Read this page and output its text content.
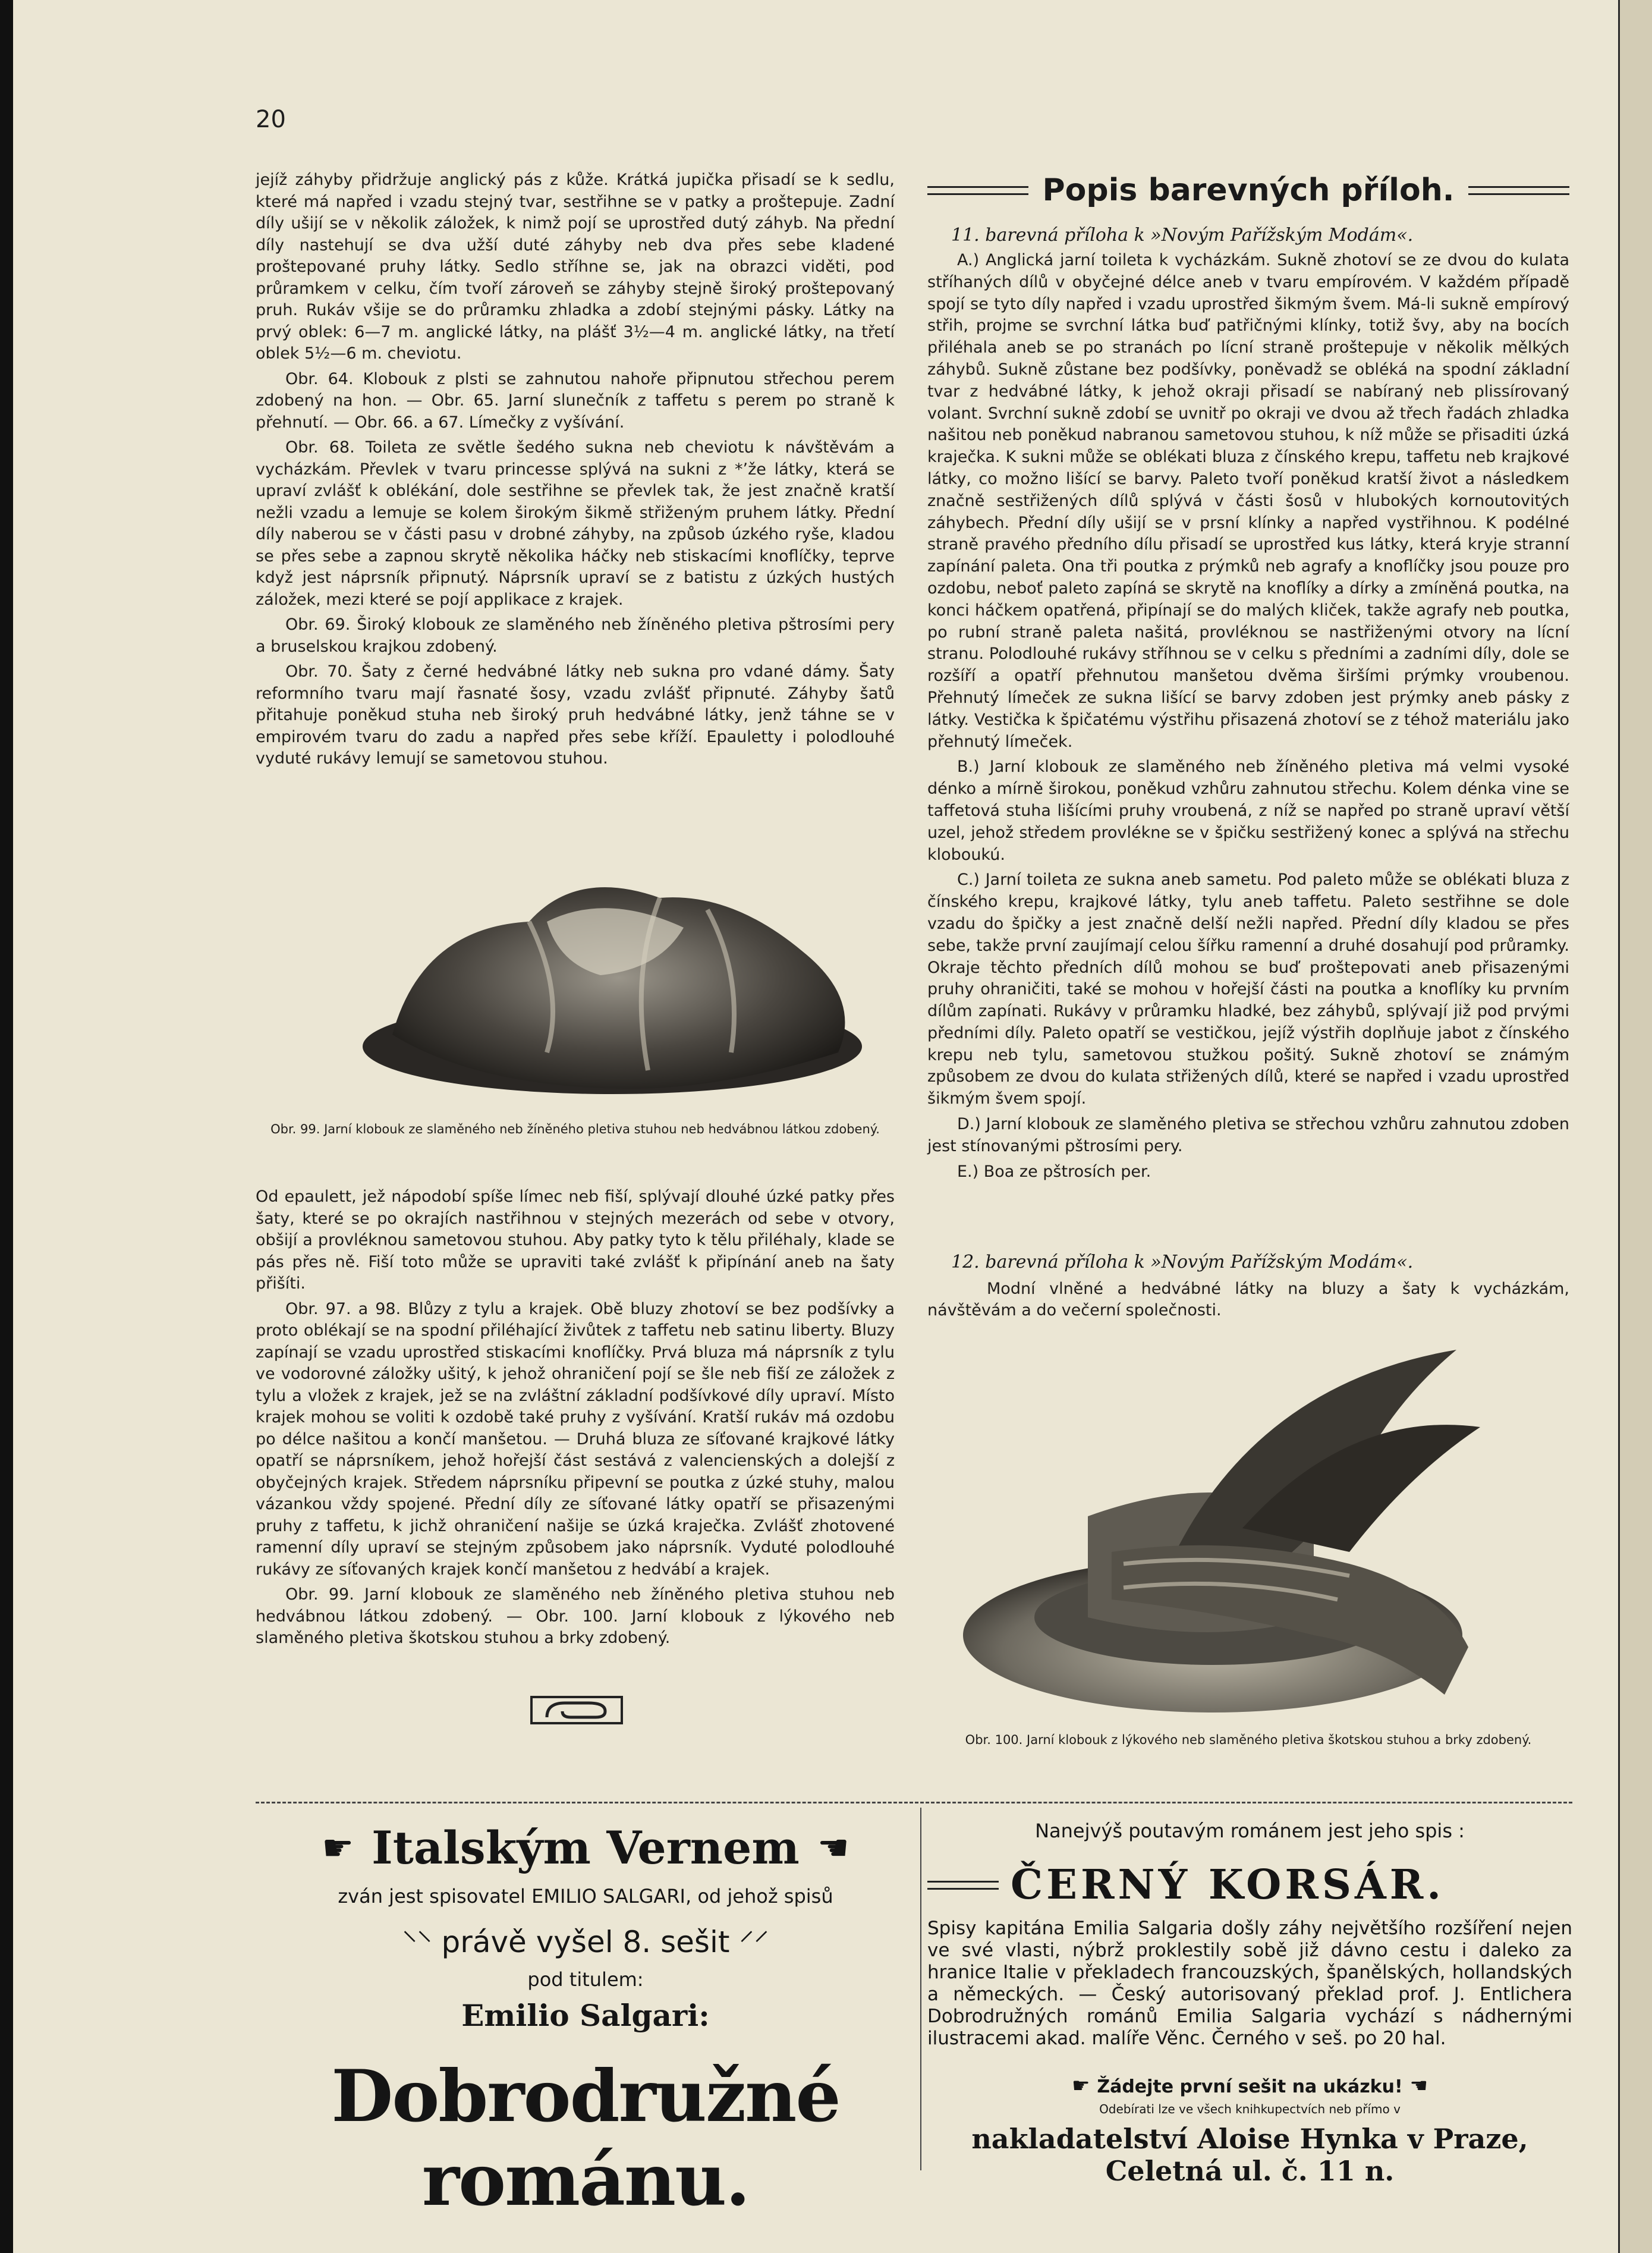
20

jejíž záhyby přidržuje anglický pás z kůže. Krátká jupička přisadí se k sedlu, které má napřed i vzadu stejný tvar, sestřihne se v patky a proštepuje. Zadní díly ušijí se v několik záložek, k nimž pojí se uprostřed dutý záhyb. Na přední díly nastehují se dva užší duté záhyby neb dva přes sebe kladené proštepované pruhy látky. Sedlo stříhne se, jak na obrazci viděti, pod průramkem v celku, čím tvoří zároveň se záhyby stejně široký proštepovaný pruh. Rukáv všije se do průramku zhladka a zdobí stejnými pásky. Látky na prvý oblek: 6—7 m. anglické látky, na plášť 3½—4 m. anglické látky, na třetí oblek 5½—6 m. cheviotu.

Obr. 64. Klobouk z plsti se zahnutou nahoře připnutou střechou perem zdobený na hon. — Obr. 65. Jarní slunečník z taffetu s perem po straně k přehnutí. — Obr. 66. a 67. Límečky z vyšívání.

Obr. 68. Toileta ze světle šedého sukna neb cheviotu k návštěvám a vycházkám. Převlek v tvaru princesse splývá na sukni z *ʼže látky, která se upraví zvlášť k oblékání, dole sestřihne se převlek tak, že jest značně kratší nežli vzadu a lemuje se kolem širokým šikmě střiženým pruhem látky. Přední díly naberou se v části pasu v drobné záhyby, na způsob úzkého ryše, kladou se přes sebe a zapnou skrytě několika háčky neb stiskacími knoflíčky, teprve když jest náprsník připnutý. Náprsník upraví se z batistu z úzkých hustých záložek, mezi které se pojí applikace z krajek.

Obr. 69. Široký klobouk ze slaměného neb žíněného pletiva pštrosími pery a bruselskou krajkou zdobený.

Obr. 70. Šaty z černé hedvábné látky neb sukna pro vdané dámy. Šaty reformního tvaru mají řasnaté šosy, vzadu zvlášť připnuté. Záhyby šatů přitahuje poněkud stuha neb široký pruh hedvábné látky, jenž táhne se v empirovém tvaru do zadu a napřed přes sebe kříží. Epauletty i polodlouhé vyduté rukávy lemují se sametovou stuhou.

Obr. 99. Jarní klobouk ze slaměného neb žíněného pletiva stuhou neb hedvábnou látkou zdobený.

Od epaulett, jež nápodobí spíše límec neb fiší, splývají dlouhé úzké patky přes šaty, které se po okrajích nastřihnou v stejných mezerách od sebe v otvory, obšijí a provléknou sametovou stuhou. Aby patky tyto k tělu přiléhaly, klade se pás přes ně. Fiší toto může se upraviti také zvlášť k připínání aneb na šaty přišíti.

Obr. 97. a 98. Blůzy z tylu a krajek. Obě bluzy zhotoví se bez podšívky a proto oblékají se na spodní přiléhající živůtek z taffetu neb satinu liberty. Bluzy zapínají se vzadu uprostřed stiskacími knoflíčky. Prvá bluza má náprsník z tylu ve vodorovné záložky ušitý, k jehož ohraničení pojí se šle neb fiší ze záložek z tylu a vložek z krajek, jež se na zvláštní základní podšívkové díly upraví. Místo krajek mohou se voliti k ozdobě také pruhy z vyšívání. Kratší rukáv má ozdobu po délce našitou a končí manšetou. — Druhá bluza ze síťované krajkové látky opatří se náprsníkem, jehož hořejší část sestává z valencienských a dolejší z obyčejných krajek. Středem náprsníku připevní se poutka z úzké stuhy, malou vázankou vždy spojené. Přední díly ze síťované látky opatří se přisazenými pruhy z taffetu, k jichž ohraničení našije se úzká kraječka. Zvlášť zhotovené ramenní díly upraví se stejným způsobem jako náprsník. Vyduté polodlouhé rukávy ze síťovaných krajek končí manšetou z hedvábí a krajek.

Obr. 99. Jarní klobouk ze slaměného neb žíněného pletiva stuhou neb hedvábnou látkou zdobený. — Obr. 100. Jarní klobouk z lýkového neb slaměného pletiva škotskou stuhou a brky zdobený.

Popis barevných příloh.
11. barevná příloha k »Novým Pařížským Modám«.

A.) Anglická jarní toileta k vycházkám. Sukně zhotoví se ze dvou do kulata stříhaných dílů v obyčejné délce aneb v tvaru empírovém. V každém případě spojí se tyto díly napřed i vzadu uprostřed šikmým švem. Má-li sukně empírový střih, projme se svrchní látka buď patřičnými klínky, totiž švy, aby na bocích přiléhala aneb se po stranách po lícní straně proštepuje v několik mělkých záhybů. Sukně zůstane bez podšívky, poněvadž se obléká na spodní základní tvar z hedvábné látky, k jehož okraji přisadí se nabíraný neb plissírovaný volant. Svrchní sukně zdobí se uvnitř po okraji ve dvou až třech řadách zhladka našitou neb poněkud nabranou sametovou stuhou, k níž může se přisaditi úzká kraječka. K sukni může se oblékati bluza z čínského krepu, taffetu neb krajkové látky, co možno lišící se barvy. Paleto tvoří poněkud kratší život a následkem značně sestřižených dílů splývá v části šosů v hlubokých kornoutovitých záhybech. Přední díly ušijí se v prsní klínky a napřed vystřihnou. K podélné straně pravého předního dílu přisadí se uprostřed kus látky, která kryje stranní zapínání paleta. Ona tři poutka z prýmků neb agrafy a knoflíčky jsou pouze pro ozdobu, neboť paleto zapíná se skrytě na knoflíky a dírky a zmíněná poutka, na konci háčkem opatřená, připínají se do malých kliček, takže agrafy neb poutka, po rubní straně paleta našitá, provléknou se nastřiženými otvory na lícní stranu. Polodlouhé rukávy stříhnou se v celku s předními a zadními díly, dole se rozšíří a opatří přehnutou manšetou dvěma širšími prýmky vroubenou. Přehnutý límeček ze sukna lišící se barvy zdoben jest prýmky aneb pásky z látky. Vestička k špičatému výstřihu přisazená zhotoví se z téhož materiálu jako přehnutý límeček.

B.) Jarní klobouk ze slaměného neb žíněného pletiva má velmi vysoké dénko a mírně širokou, poněkud vzhůru zahnutou střechu. Kolem dénka vine se taffetová stuha lišícími pruhy vroubená, z níž se napřed po straně upraví větší uzel, jehož středem provlékne se v špičku sestřižený konec a splývá na střechu kloboukú.

C.) Jarní toileta ze sukna aneb sametu. Pod paleto může se oblékati bluza z čínského krepu, krajkové látky, tylu aneb taffetu. Paleto sestřihne se dole vzadu do špičky a jest značně delší nežli napřed. Přední díly kladou se přes sebe, takže první zaujímají celou šířku ramenní a druhé dosahují pod průramky. Okraje těchto předních dílů mohou se buď proštepovati aneb přisazenými pruhy ohraničiti, také se mohou v hořejší části na poutka a knoflíky ku prvním dílům zapínati. Rukávy v průramku hladké, bez záhybů, splývají již pod prvými předními díly. Paleto opatří se vestičkou, jejíž výstřih doplňuje jabot z čínského krepu neb tylu, sametovou stužkou pošitý. Sukně zhotoví se známým způsobem ze dvou do kulata střižených dílů, které se napřed i vzadu uprostřed šikmým švem spojí.

D.) Jarní klobouk ze slaměného pletiva se střechou vzhůru zahnutou zdoben jest stínovanými pštrosími pery.

E.) Boa ze pštrosích per.

12. barevná příloha k »Novým Pařížským Modám«.
Modní vlněné a hedvábné látky na bluzy a šaty k vycházkám, návštěvám a do večerní společnosti.
Obr. 100. Jarní klobouk z lýkového neb slaměného pletiva škotskou stuhou a brky zdobený.
☛ Italským Vernem ☚
zván jest spisovatel EMILIO SALGARI, od jehož spisů
⸌⸌ právě vyšel 8. sešit ⸍⸍
pod titulem:
Emilio Salgari:
Dobrodružné románu.
Nanejvýš poutavým románem jest jeho spis :
ČERNÝ KORSÁR.
Spisy kapitána Emilia Salgaria došly záhy největšího rozšíření nejen ve své vlasti, nýbrž proklestily sobě již dávno cestu i daleko za hranice Italie v překladech francouzských, španělských, hollandských a německých. — Český autorisovaný překlad prof. J. Entlichera Dobrodružných románů Emilia Salgaria vychází s nádhernými ilustracemi akad. malíře Věnc. Černého v seš. po 20 hal.
☛ Žádejte první sešit na ukázku! ☚
Odebírati lze ve všech knihkupectvích neb přímo v
nakladatelství Aloise Hynka v Praze, Celetná ul. č. 11 n.
